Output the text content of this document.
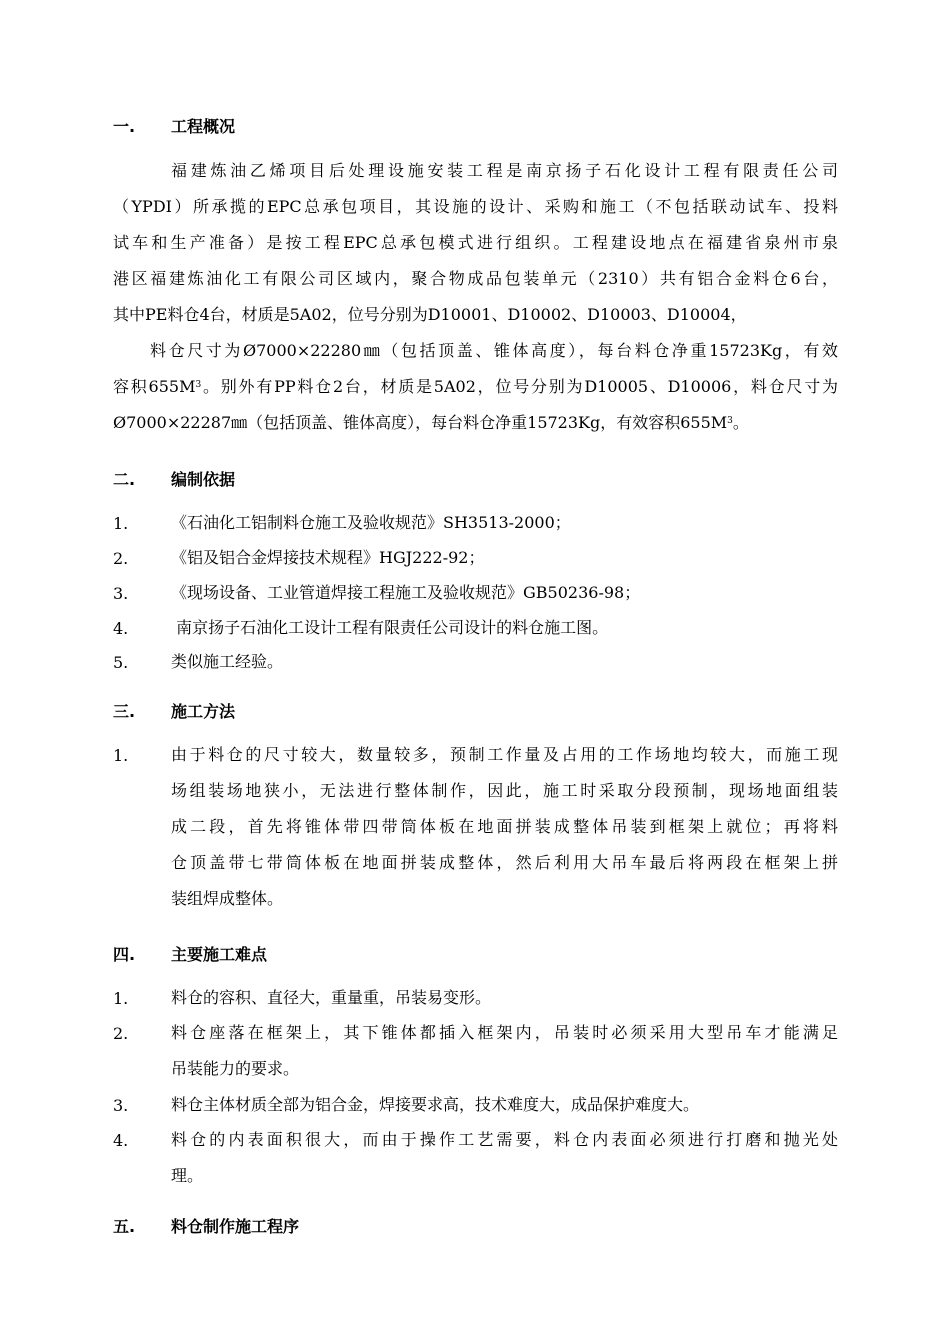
一. 工程概况
福建炼油乙烯项目后处理设施安装工程是南京扬子石化设计工程有限责任公司
（YPDI）所承揽的EPC总承包项目，其设施的设计、采购和施工（不包括联动试车、投料
试车和生产准备）是按工程EPC总承包模式进行组织。工程建设地点在福建省泉州市泉
港区福建炼油化工有限公司区域内，聚合物成品包装单元（2310）共有铝合金料仓6台，
其中PE料仓4台，材质是5A02，位号分别为D10001、D10002、D10003、D10004，
料仓尺寸为Ø7000×22280㎜（包括顶盖、锥体高度），每台料仓净重15723Kg，有效
容积$655M^3$。别外有PP料仓2台，材质是5A02，位号分别为D10005、D10006，料仓尺寸为
Ø7000×22287㎜（包括顶盖、锥体高度），每台料仓净重15723Kg，有效容积$655M^3$。
二. 编制依据
1.	《石油化工铝制料仓施工及验收规范》SH3513-2000；
2.	《铝及铝合金焊接技术规程》HGJ222-92；
3.	《现场设备、工业管道焊接工程施工及验收规范》GB50236-98；
4.	南京扬子石油化工设计工程有限责任公司设计的料仓施工图。
5.	类似施工经验。
三. 施工方法
1.	由于料仓的尺寸较大，数量较多，预制工作量及占用的工作场地均较大，而施工现
场组装场地狭小，无法进行整体制作，因此，施工时采取分段预制，现场地面组装
成二段，首先将锥体带四带筒体板在地面拼装成整体吊装到框架上就位；再将料
仓顶盖带七带筒体板在地面拼装成整体，然后利用大吊车最后将两段在框架上拼
装组焊成整体。
四. 主要施工难点
1.	料仓的容积、直径大，重量重，吊装易变形。
2.	料仓座落在框架上，其下锥体都插入框架内，吊装时必须采用大型吊车才能满足
吊装能力的要求。
3.	料仓主体材质全部为铝合金，焊接要求高，技术难度大，成品保护难度大。
4.	料仓的内表面积很大，而由于操作工艺需要，料仓内表面必须进行打磨和抛光处
理。
五. 料仓制作施工程序
